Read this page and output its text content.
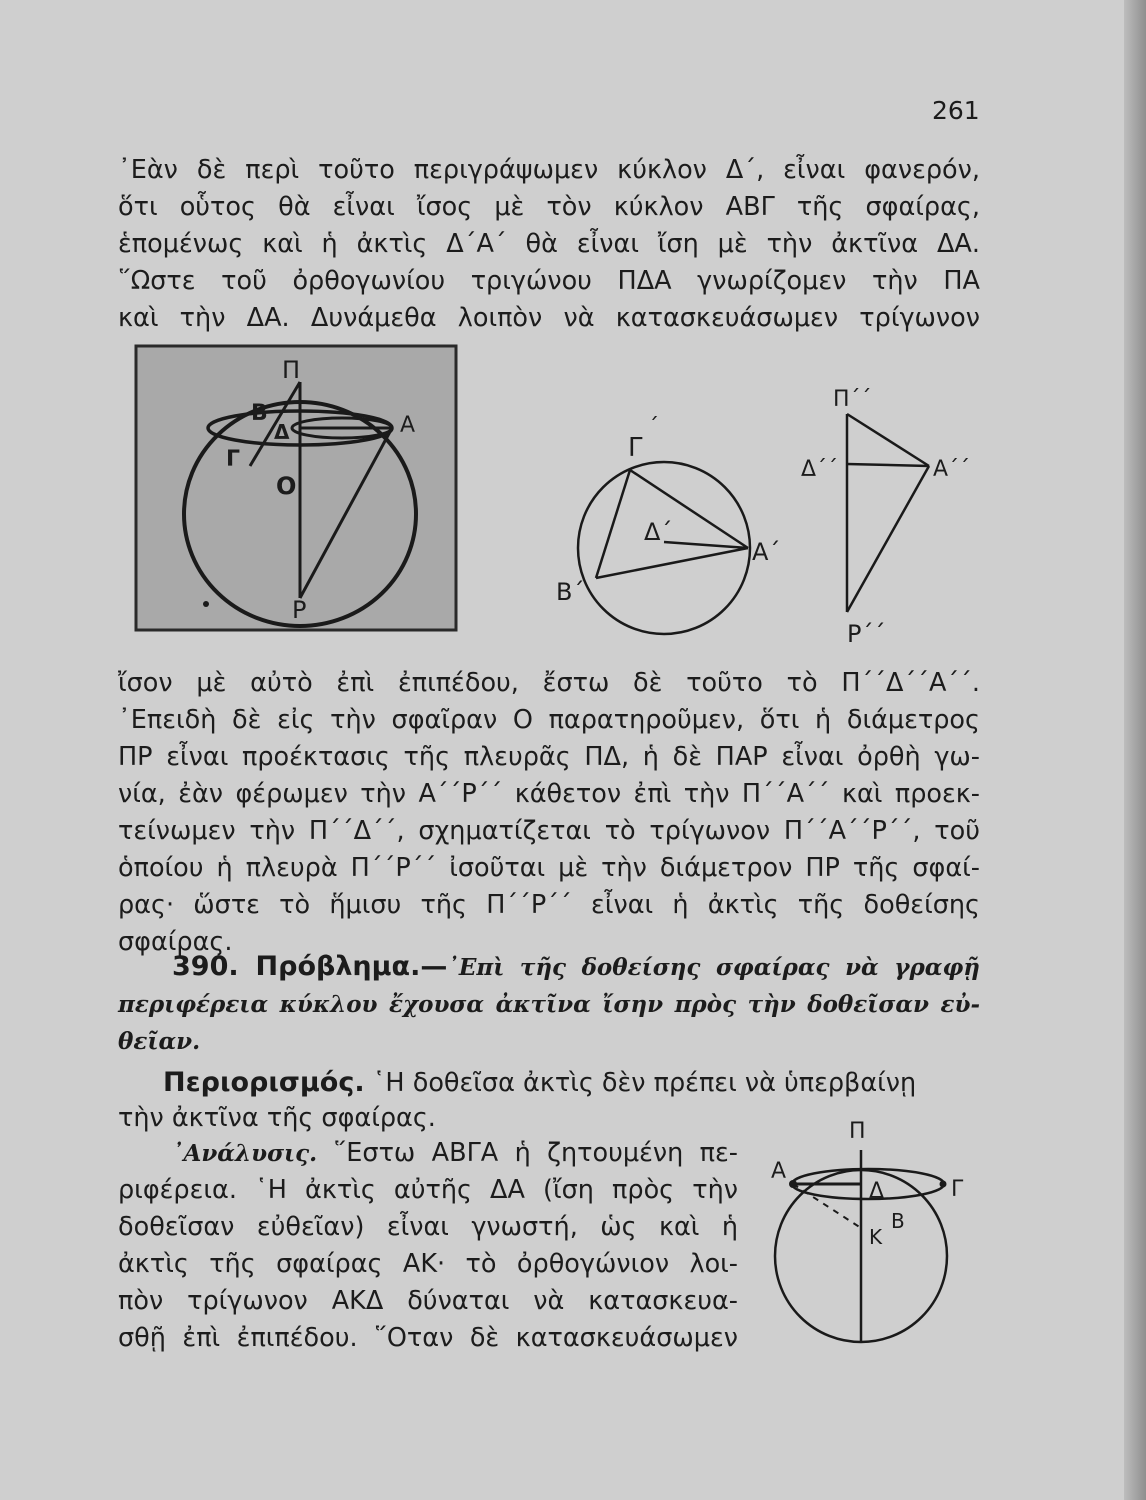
261

᾽Εὰν δὲ περὶ τοῦτο περιγράψωμεν κύκλον Δ΄, εἶναι φανερόν,
ὅτι οὗτος θὰ εἶναι ἴσος μὲ τὸν κύκλον ΑΒΓ τῆς σφαίρας,
ἑπομένως καὶ ἡ ἀκτὶς Δ΄Α΄ θὰ εἶναι ἴση μὲ τὴν ἀκτῖνα ΔΑ.
῞Ωστε τοῦ ὀρθογωνίου τριγώνου ΠΔΑ γνωρίζομεν τὴν ΠΑ
καὶ τὴν ΔΑ. Δυνάμεθα λοιπὸν νὰ κατασκευάσωμεν τρίγωνον

Π
Β
Δ	Α
Γ
Ο
Ρ
Γ
΄
Δ΄
Α΄
Β΄
Π΄΄
Δ΄΄	Α΄΄
Ρ΄΄

ἴσον μὲ αὐτὸ ἐπὶ ἐπιπέδου, ἔστω δὲ τοῦτο τὸ Π΄΄Δ΄΄Α΄΄.
᾽Επειδὴ δὲ εἰς τὴν σφαῖραν Ο παρατηροῦμεν, ὅτι ἡ διάμετρος
ΠΡ εἶναι προέκτασις τῆς πλευρᾶς ΠΔ, ἡ δὲ ΠΑΡ εἶναι ὀρθὴ γω-
νία, ἐὰν φέρωμεν τὴν Α΄΄Ρ΄΄ κάθετον ἐπὶ τὴν Π΄΄Α΄΄ καὶ προεκ-
τείνωμεν τὴν Π΄΄Δ΄΄, σχηματίζεται τὸ τρίγωνον Π΄΄Α΄΄Ρ΄΄, τοῦ
ὁποίου ἡ πλευρὰ Π΄΄Ρ΄΄ ἰσοῦται μὲ τὴν διάμετρον ΠΡ τῆς σφαί-
ρας· ὥστε τὸ ἥμισυ τῆς Π΄΄Ρ΄΄ εἶναι ἡ ἀκτὶς τῆς δοθείσης
σφαίρας.

390. Πρόβλημα.—᾽Επὶ τῆς δοθείσης σφαίρας νὰ γραφῇ
περιφέρεια κύκλου ἔχουσα ἀκτῖνα ἴσην πρὸς τὴν δοθεῖσαν εὐ-
θεῖαν.
Περιορισμός. ῾Η δοθεῖσα ἀκτὶς δὲν πρέπει νὰ ὑπερβαίνῃ
τὴν ἀκτῖνα τῆς σφαίρας.
᾽Ανάλυσις. ῞Εστω ΑΒΓΑ ἡ ζητουμένη πε-
ριφέρεια. ῾Η ἀκτὶς αὐτῆς ΔΑ (ἴση πρὸς τὴν
δοθεῖσαν εὐθεῖαν) εἶναι γνωστή, ὡς καὶ ἡ
ἀκτὶς τῆς σφαίρας ΑΚ· τὸ ὀρθογώνιον λοι-
πὸν τρίγωνον ΑΚΔ δύναται νὰ κατασκευα-
σθῇ ἐπὶ ἐπιπέδου. ῞Οταν δὲ κατασκευάσωμεν
Π
Α
Δ	Γ
Β
Κ
